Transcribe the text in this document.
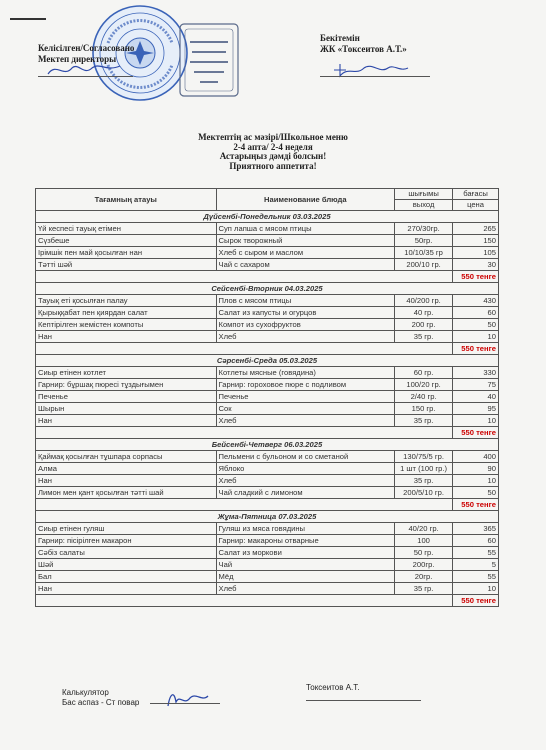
Келісілген/Согласовано
Мектеп директоры
Бекітемін
ЖК «Токсеитов А.Т.»
Мектептің ас мәзірі/Школьное меню
2-4 апта/ 2-4 неделя
Астарыңыз дәмді болсын!
Приятного аппетита!
Тағамның атауы	Наименование блюда	шығымы	бағасы
		выход	цена
Дүйсенбі-Понедельник 03.03.2025			
Үй кеспесі тауық етімен	Суп лапша с мясом птицы	270/30гр.	265
Сүзбеше	Сырок творожный	50гр.	150
Ірімшік пен май қосылған нан	Хлеб с сыром и маслом	10/10/35 гр	105
Тәтті шәй	Чай с сахаром	200/10 гр.	30
			550 тенге
Сейсенбі-Вторник 04.03.2025			
Тауық еті қосылған палау	Плов с мясом птицы	40/200 гр.	430
Қырыққабат пен қиярдан салат	Салат из капусты и огурцов	40 гр.	60
Кептірілген жемістен компоты	Компот из сухофруктов	200 гр.	50
Нан	Хлеб	35 гр.	10
			550 тенге
Сәрсенбі-Среда 05.03.2025			
Сиыр етінен котлет	Котлеты мясные (говядина)	60 гр.	330
Гарнир: бұршақ пюресі тұздығымен	Гарнир: гороховое пюре с подливом	100/20 гр.	75
Печенье	Печенье	2/40 гр.	40
Шырын	Сок	150 гр.	95
Нан	Хлеб	35 гр.	10
			550 тенге
Бейсенбі-Четверг 06.03.2025			
Қаймақ қосылған тұшпара сорпасы	Пельмени с бульоном и со сметаной	130/75/5 гр.	400
Алма	Яблоко	1 шт (100 гр.)	90
Нан	Хлеб	35 гр.	10
Лимон мен қант қосылған тәтті шай	Чай сладкий с лимоном	200/5/10 гр.	50
			550 тенге
Жұма-Пятница 07.03.2025			
Сиыр етінен гуляш	Гуляш из мяса говядины	40/20 гр.	365
Гарнир: пісірілген макарон	Гарнир: макароны отварные	100	60
Сәбіз салаты	Салат из моркови	50 гр.	55
Шәй	Чай	200гр.	5
Бал	Мёд	20гр.	55
Нан	Хлеб	35 гр.	10
			550 тенге
Калькулятор
Бас аспаз - Ст повар
Токсеитов А.Т.
